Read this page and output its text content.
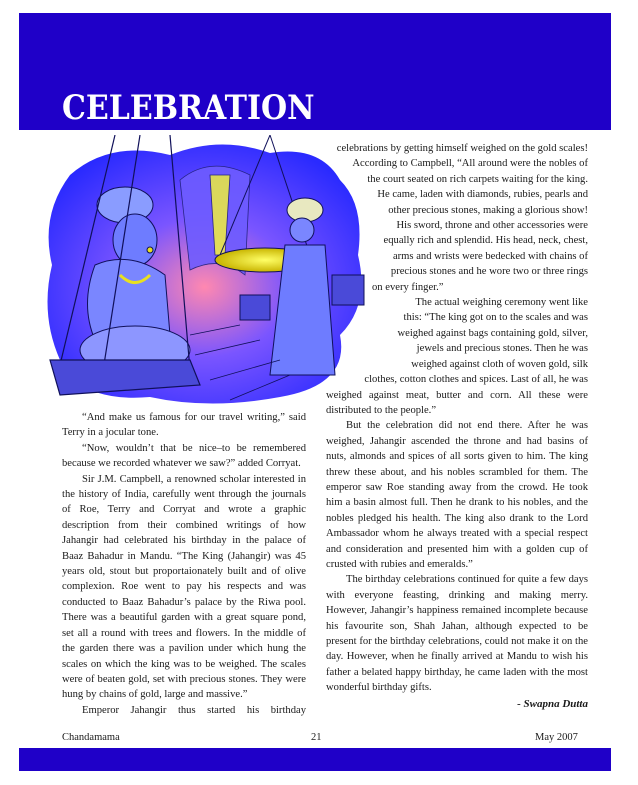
CELEBRATION
celebrations by getting himself weighed on the gold scales!
According to Campbell, “All around were the nobles of
the court seated on rich carpets waiting for the king.
He came, laden with diamonds, rubies, pearls and
other precious stones, making a glorious show!
His sword, throne and other accessories were
equally rich and splendid. His head, neck, chest,
arms and wrists were bedecked with chains of
precious stones and he wore two or three rings
on every finger.”
The actual weighing ceremony went like
this: “The king got on to the scales and was
weighed against bags containing gold, silver,
jewels and precious stones. Then he was
weighed against cloth of woven gold, silk
clothes, cotton clothes and spices. Last of all, he was

weighed against meat, butter and corn. All these were distributed to the people.”

But the celebration did not end there. After he was weighed, Jahangir ascended the throne and had basins of nuts, almonds and spices of all sorts given to him. The king threw these about, and his nobles scrambled for them. The emperor saw Roe standing away from the crowd. He took him a basin almost full. Then he drank to his nobles, and the nobles pledged his health. The king also drank to the Lord Ambassador whom he always treated with a special respect and consideration and presented him with a golden cup of crusted with rubies and emeralds.”

The birthday celebrations continued for quite a few days with everyone feasting, drinking and making merry. However, Jahangir’s happiness remained incomplete because his favourite son, Shah Jahan, although expected to be present for the birthday celebrations, could not make it on the day. However, when he finally arrived at Mandu to wish his father a belated happy birthday, he came laden with the most wonderful birthday gifts.

- Swapna Dutta

“And make us famous for our travel writing,” said Terry in a jocular tone.

“Now, wouldn’t that be nice–to be remembered because we recorded whatever we saw?” added Corryat.

Sir J.M. Campbell, a renowned scholar interested in the history of India, carefully went through the journals of Roe, Terry and Corryat and wrote a graphic description from their combined writings of how Jahangir had celebrated his birthday in the palace of Baaz Bahadur in Mandu. “The King (Jahangir) was 45 years old, stout but proportaionately built and of olive complexion. Roe went to pay his respects and was conducted to Baaz Bahadur’s palace by the Riwa pool. There was a beautiful garden with a great square pond, set all a round with trees and flowers. In the middle of the garden there was a pavilion under which hung the scales on which the king was to be weighed. The scales were of beaten gold, set with precious stones. They were hung by chains of gold, large and massive.”

Emperor Jahangir thus started his birthday

Chandamama	21	May 2007
